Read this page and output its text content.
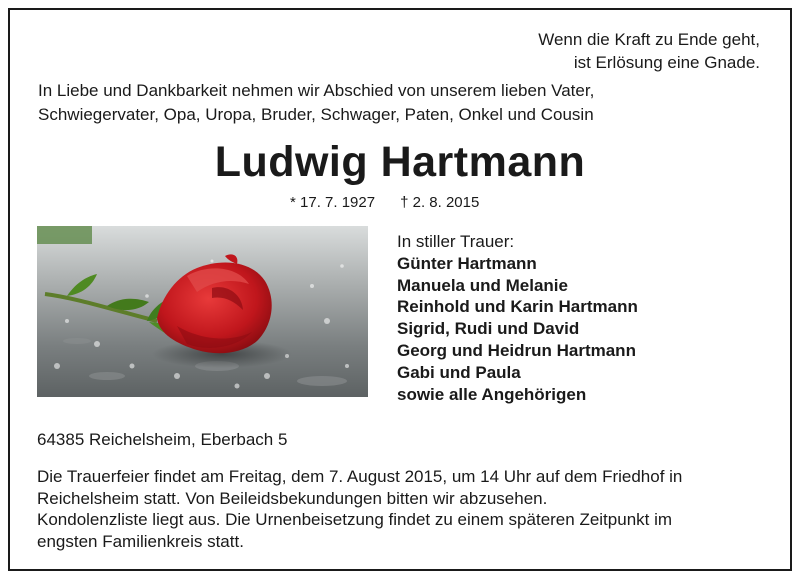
Wenn die Kraft zu Ende geht,
ist Erlösung eine Gnade.
In Liebe und Dankbarkeit nehmen wir Abschied von unserem lieben Vater,
Schwiegervater, Opa, Uropa, Bruder, Schwager, Paten, Onkel und Cousin
Ludwig Hartmann
* 17. 7. 1927 † 2. 8. 2015
In stiller Trauer:
Günter Hartmann
Manuela und Melanie
Reinhold und Karin Hartmann
Sigrid, Rudi und David
Georg und Heidrun Hartmann
Gabi und Paula
sowie alle Angehörigen
64385 Reichelsheim, Eberbach 5
Die Trauerfeier findet am Freitag, dem 7. August 2015, um 14 Uhr auf dem Friedhof in
Reichelsheim statt. Von Beileidsbekundungen bitten wir abzusehen.
Kondolenzliste liegt aus. Die Urnenbeisetzung findet zu einem späteren Zeitpunkt im
engsten Familienkreis statt.
